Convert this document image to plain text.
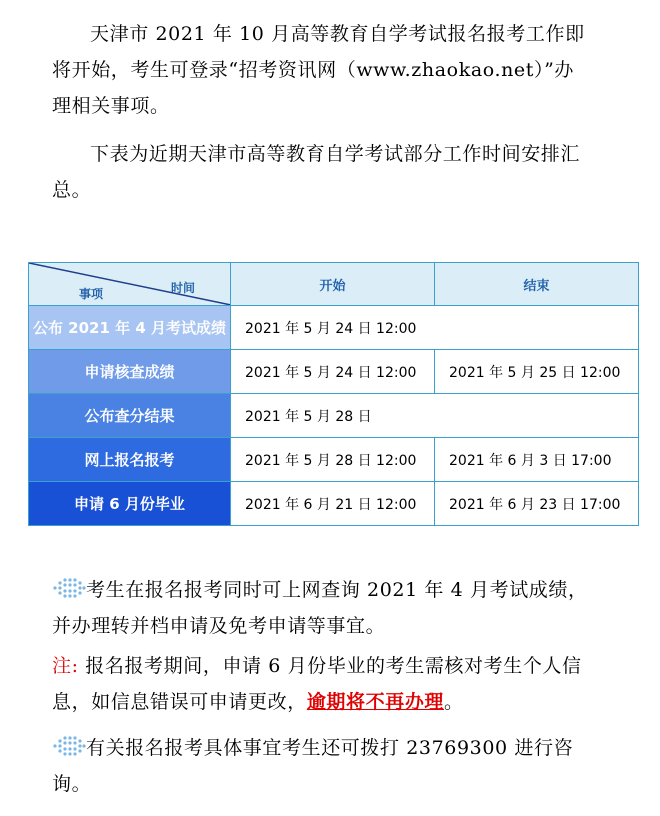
天津市 2021 年 10 月高等教育自学考试报名报考工作即将开始，考生可登录“招考资讯网（www.zhaokao.net）”办理相关事项。
下表为近期天津市高等教育自学考试部分工作时间安排汇总。
事项 时间	开始	结束
公布 2021 年 4 月考试成绩	2021 年 5 月 24 日 12:00	
申请核查成绩	2021 年 5 月 24 日 12:00	2021 年 5 月 25 日 12:00
公布查分结果	2021 年 5 月 28 日	
网上报名报考	2021 年 5 月 28 日 12:00	2021 年 6 月 3 日 17:00
申请 6 月份毕业	2021 年 6 月 21 日 12:00	2021 年 6 月 23 日 17:00
考生在报名报考同时可上网查询 2021 年 4 月考试成绩，并办理转并档申请及免考申请等事宜。
注: 报名报考期间，申请 6 月份毕业的考生需核对考生个人信息，如信息错误可申请更改，逾期将不再办理。
有关报名报考具体事宜考生还可拨打 23769300 进行咨询。
